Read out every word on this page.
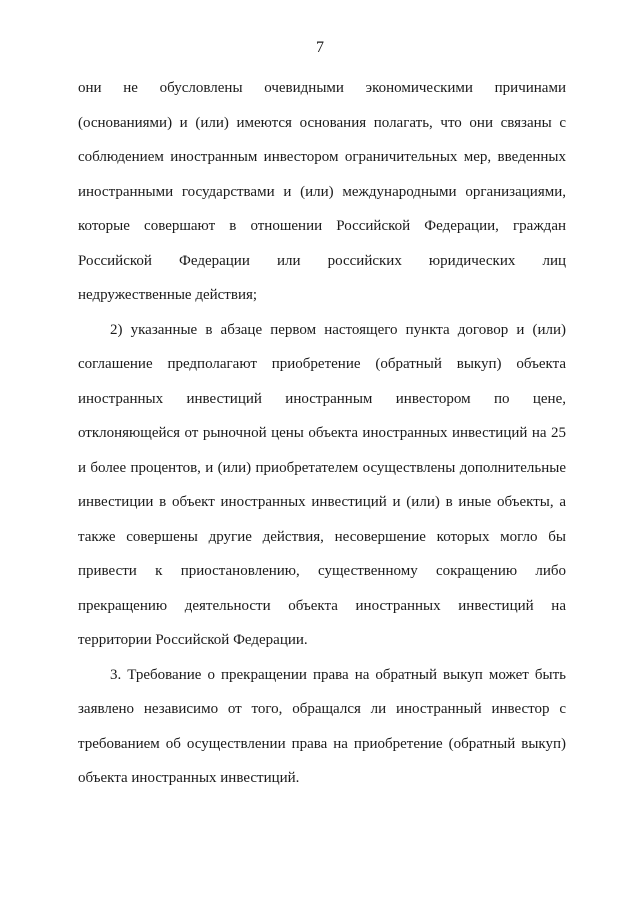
7

они не обусловлены очевидными экономическими причинами (основаниями) и (или) имеются основания полагать, что они связаны с соблюдением иностранным инвестором ограничительных мер, введенных иностранными государствами и (или) международными организациями, которые совершают в отношении Российской Федерации, граждан Российской Федерации или российских юридических лиц недружественные действия;

2) указанные в абзаце первом настоящего пункта договор и (или) соглашение предполагают приобретение (обратный выкуп) объекта иностранных инвестиций иностранным инвестором по цене, отклоняющейся от рыночной цены объекта иностранных инвестиций на 25 и более процентов, и (или) приобретателем осуществлены дополнительные инвестиции в объект иностранных инвестиций и (или) в иные объекты, а также совершены другие действия, несовершение которых могло бы привести к приостановлению, существенному сокращению либо прекращению деятельности объекта иностранных инвестиций на территории Российской Федерации.

3. Требование о прекращении права на обратный выкуп может быть заявлено независимо от того, обращался ли иностранный инвестор с требованием об осуществлении права на приобретение (обратный выкуп) объекта иностранных инвестиций.
